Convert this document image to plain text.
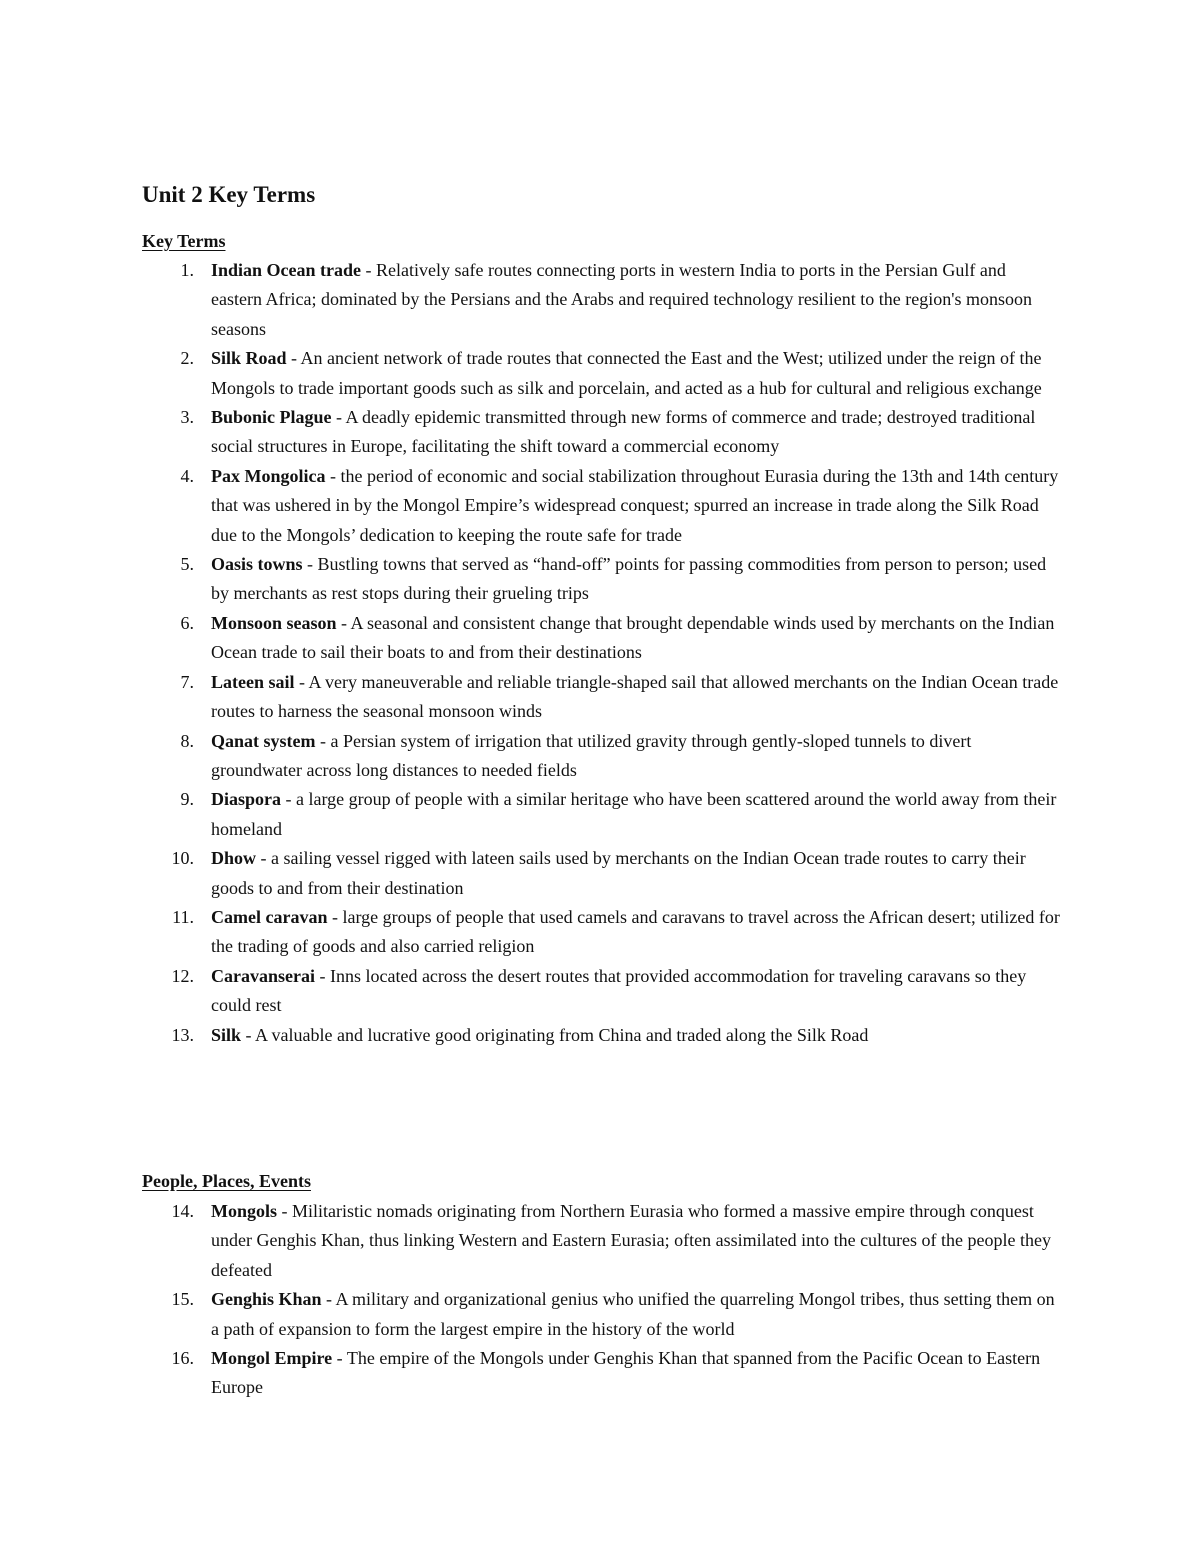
Unit 2 Key Terms
Key Terms
1. Indian Ocean trade - Relatively safe routes connecting ports in western India to ports in the Persian Gulf and eastern Africa; dominated by the Persians and the Arabs and required technology resilient to the region's monsoon seasons
2. Silk Road - An ancient network of trade routes that connected the East and the West; utilized under the reign of the Mongols to trade important goods such as silk and porcelain, and acted as a hub for cultural and religious exchange
3. Bubonic Plague - A deadly epidemic transmitted through new forms of commerce and trade; destroyed traditional social structures in Europe, facilitating the shift toward a commercial economy
4. Pax Mongolica - the period of economic and social stabilization throughout Eurasia during the 13th and 14th century that was ushered in by the Mongol Empire’s widespread conquest; spurred an increase in trade along the Silk Road due to the Mongols’ dedication to keeping the route safe for trade
5. Oasis towns - Bustling towns that served as “hand-off” points for passing commodities from person to person; used by merchants as rest stops during their grueling trips
6. Monsoon season - A seasonal and consistent change that brought dependable winds used by merchants on the Indian Ocean trade to sail their boats to and from their destinations
7. Lateen sail - A very maneuverable and reliable triangle-shaped sail that allowed merchants on the Indian Ocean trade routes to harness the seasonal monsoon winds
8. Qanat system - a Persian system of irrigation that utilized gravity through gently-sloped tunnels to divert groundwater across long distances to needed fields
9. Diaspora - a large group of people with a similar heritage who have been scattered around the world away from their homeland
10. Dhow - a sailing vessel rigged with lateen sails used by merchants on the Indian Ocean trade routes to carry their goods to and from their destination
11. Camel caravan - large groups of people that used camels and caravans to travel across the African desert; utilized for the trading of goods and also carried religion
12. Caravanserai - Inns located across the desert routes that provided accommodation for traveling caravans so they could rest
13. Silk - A valuable and lucrative good originating from China and traded along the Silk Road
People, Places, Events
14. Mongols - Militaristic nomads originating from Northern Eurasia who formed a massive empire through conquest under Genghis Khan, thus linking Western and Eastern Eurasia; often assimilated into the cultures of the people they defeated
15. Genghis Khan - A military and organizational genius who unified the quarreling Mongol tribes, thus setting them on a path of expansion to form the largest empire in the history of the world
16. Mongol Empire - The empire of the Mongols under Genghis Khan that spanned from the Pacific Ocean to Eastern Europe
